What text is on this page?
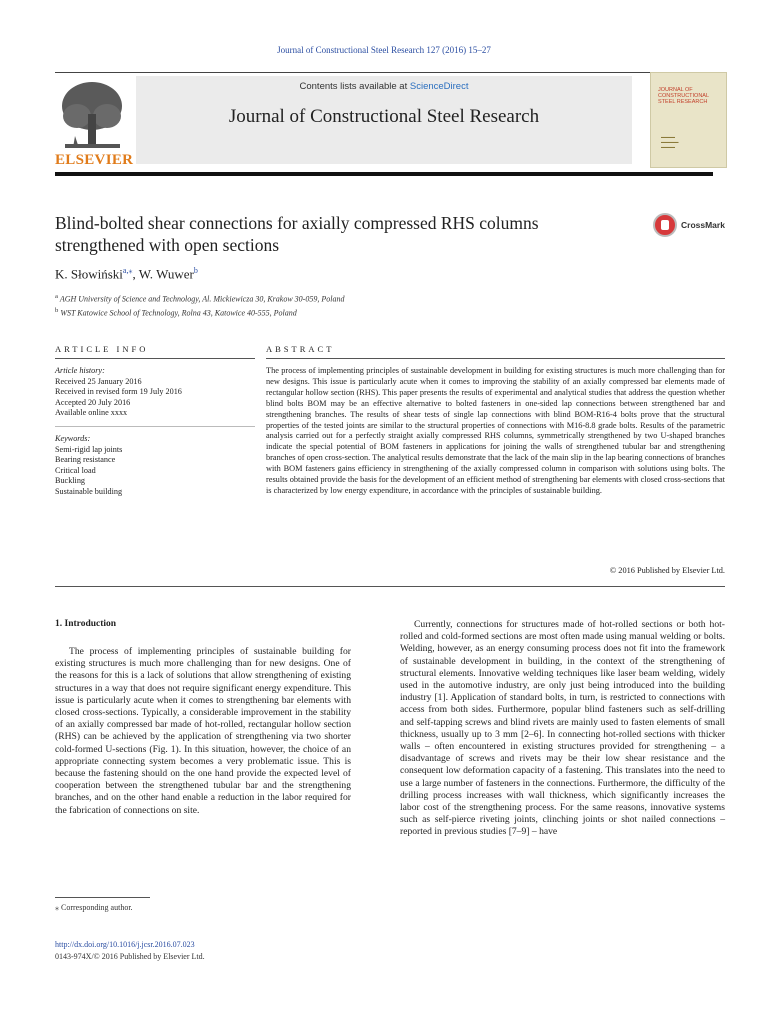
Journal of Constructional Steel Research 127 (2016) 15–27
ELSEVIER
Contents lists available at ScienceDirect
Journal of Constructional Steel Research
JOURNAL OF CONSTRUCTIONAL STEEL RESEARCH
▬▬▬▬
▬▬▬▬▬
▬▬▬▬
Blind-bolted shear connections for axially compressed RHS columns strengthened with open sections
CrossMark
K. Słowiński$^{a,⁎}$, W. Wuwer$^b$
$^a$ AGH University of Science and Technology, Al. Mickiewicza 30, Krakow 30-059, Poland
$^b$ WST Katowice School of Technology, Rolna 43, Katowice 40-555, Poland
ARTICLE INFO	ABSTRACT
Article history:
Received 25 January 2016
Received in revised form 19 July 2016
Accepted 20 July 2016
Available online xxxx
Keywords:
Semi-rigid lap joints
Bearing resistance
Critical load
Buckling
Sustainable building
The process of implementing principles of sustainable development in building for existing structures is much more challenging than for new designs. This issue is particularly acute when it comes to improving the stability of an axially compressed bar elements made of rectangular hollow section (RHS). This paper presents the results of experimental and analytical studies that address the question whether blind bolts BOM may be an effective alternative to bolted fasteners in one-sided lap connections between strengthened bar and strengthening branches. The results of shear tests of single lap connections with blind BOM-R16-4 bolts prove that the structural properties of the tested joints are similar to the structural properties of connections with M16-8.8 grade bolts. Results of the parametric analysis carried out for a perfectly straight axially compressed RHS columns, symmetrically strengthened by two U-shaped branches indicate the special potential of BOM fasteners in applications for joining the walls of strengthened tubular bar and strengthening branches of open cross-section. The analytical results demonstrate that the lack of the main slip in the lap bearing connections of branches with BOM fasteners gains efficiency in strengthening of the axially compressed column in comparison with solutions using bolts. The results obtained provide the basis for the development of an efficient method of strengthening bar elements with closed cross-sections that is characterized by low energy expenditure, in accordance with the principles of sustainable building.
© 2016 Published by Elsevier Ltd.
1. Introduction

The process of implementing principles of sustainable building for existing structures is much more challenging than for new designs. One of the reasons for this is a lack of solutions that allow strengthening of existing structures in a way that does not require significant energy expenditure. This issue is particularly acute when it comes to strengthening bar elements with closed cross-sections. Typically, a considerable improvement in the stability of an axially compressed bar made of hot-rolled, rectangular hollow section (RHS) can be achieved by the application of strengthening via two shorter cold-formed U-sections (Fig. 1). In this situation, however, the choice of an appropriate connecting system becomes a very problematic issue. This is because the fastening should on the one hand provide the expected level of cooperation between the strengthened tubular bar and the strengthening branches, and on the other hand enable a reduction in the labor required for the fabrication of connections on site.

Currently, connections for structures made of hot-rolled sections or both hot-rolled and cold-formed sections are most often made using manual welding or bolts. Welding, however, as an energy consuming process does not fit into the framework of sustainable development in building, in the context of the strengthening of structural elements. Innovative welding techniques like laser beam welding, widely used in the automotive industry, are only just being introduced into the building industry [1]. Application of standard bolts, in turn, is restricted to connections with access from both sides. Furthermore, popular blind fasteners such as self-drilling and self-tapping screws and blind rivets are mainly used to fasten elements of small thickness, usually up to 3 mm [2–6]. In connecting hot-rolled sections with thicker walls – often encountered in existing structures provided for strengthening – a disadvantage of screws and rivets may be their low shear resistance and the consequent low deformation capacity of a fastening. This translates into the need to use a large number of fasteners in the connections. Furthermore, the difficulty of the drilling process increases with wall thickness, which significantly increases the labor cost of the strengthening process. For the same reasons, innovative systems such as self-pierce riveting joints, clinching joints or shot nailed connections – reported in previous studies [7–9] – have

⁎ Corresponding author.
http://dx.doi.org/10.1016/j.jcsr.2016.07.023
0143-974X/© 2016 Published by Elsevier Ltd.
